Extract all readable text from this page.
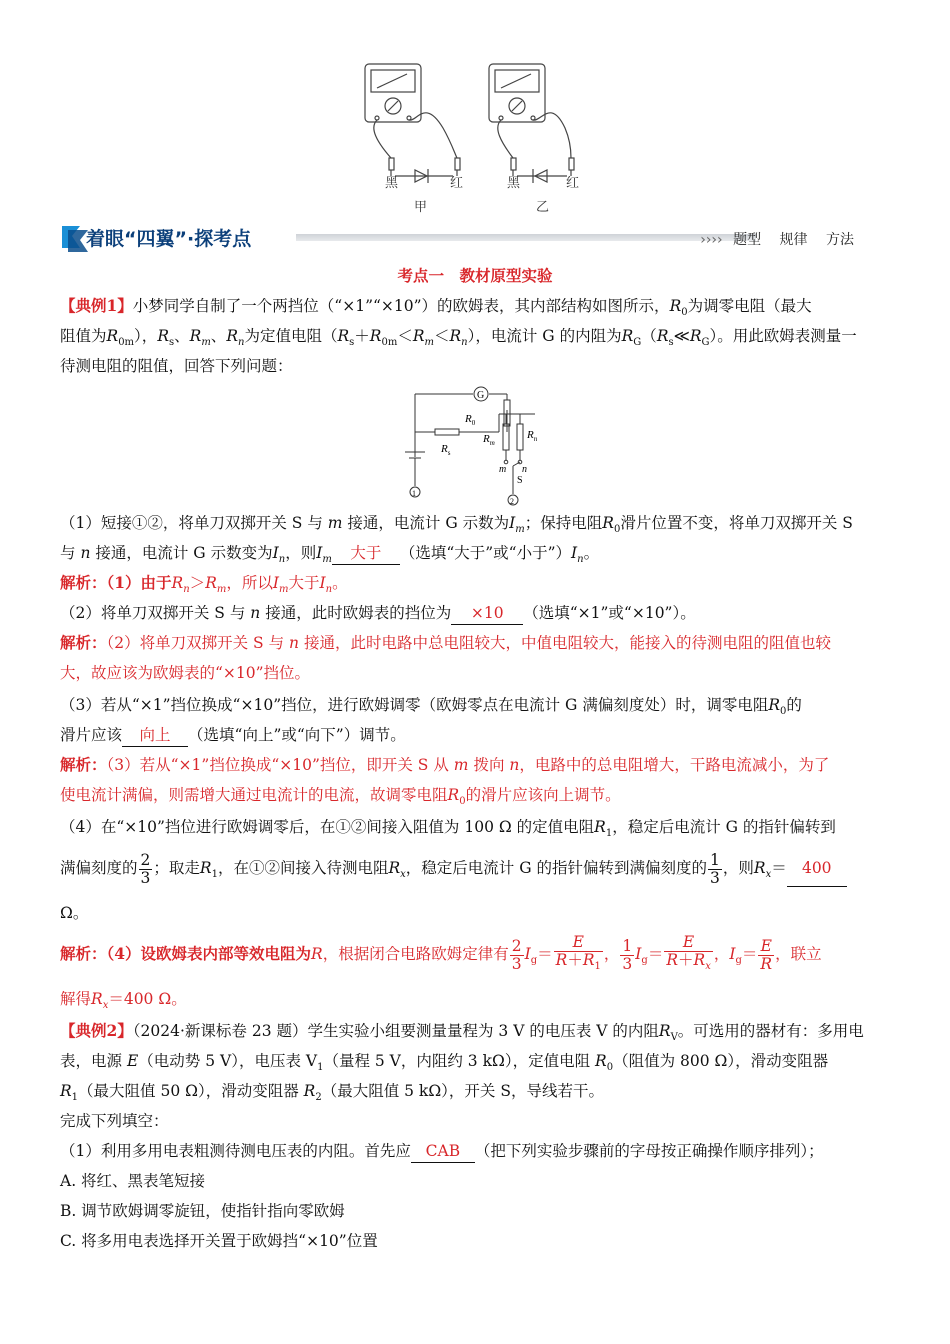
黑	红	黑	红
甲	乙
着眼“四翼”·探考点	›››› 题型 规律 方法
考点一　教材原型实验
【典例1】小梦同学自制了一个两挡位（“×1”“×10”）的欧姆表，其内部结构如图所示，$R_0$为调零电阻（最大
阻值为$R_{0m}$），$R_s$、$R_m$、$R_n$为定值电阻$(R_s+R_{0m}<R_m<R_n)$，电流计 G 的内阻为$R_G(R_s≪R_G)$。用此欧姆表测量一
待测电阻的阻值，回答下列问题：
G
$R_0$
$R_s$
$R_m$
$R_n$
m n
S
1
2
（1）短接①②，将单刀双掷开关 S 与 m 接通，电流计 G 示数为$I_m$；保持电阻$R_0$滑片位置不变，将单刀双掷开关 S
与 n 接通，电流计 G 示数变为$I_n$，则$I_m$ 大于 （选填“大于”或“小于$”)I_n$。
解析：（1）由于$R_n>R_m$，所以$I_m$大于$I_n$。
（2）将单刀双掷开关 S 与 n 接通，此时欧姆表的挡位为 ×10 （选填“×1”或“×10”）。
解析：（2）将单刀双掷开关 S 与 n 接通，此时电路中总电阻较大，中值电阻较大，能接入的待测电阻的阻值也较
大，故应该为欧姆表的“×10”挡位。
（3）若从“×1”挡位换成“×10”挡位，进行欧姆调零（欧姆零点在电流计 G 满偏刻度处）时，调零电阻$R_0$的
滑片应该 向上 （选填“向上”或“向下”）调节。
解析：（3）若从“×1”挡位换成“×10”挡位，即开关 S 从 m 拨向 n，电路中的总电阻增大，干路电流减小，为了
使电流计满偏，则需增大通过电流计的电流，故调零电阻$R_0$的滑片应该向上调节。
（4）在“×10”挡位进行欧姆调零后，在①②间接入阻值为 100 Ω 的定值电阻$R_1$，稳定后电流计 G 的指针偏转到
满偏刻度的 $\frac{2}{3}$ ；取走$R_1$，在①②间接入待测电阻$R_x$，稳定后电流计 G 的指针偏转到满偏刻度的 $\frac{1}{3}$ ，则$R_x= 400$
Ω。
解析：（4）设欧姆表内部等效电阻为R，根据闭合电路欧姆定律有 $\frac{2}{3} I_g= \frac{E}{R+R_1}$ ， $\frac{1}{3} I_g= \frac{E}{R+R_x}$ ，$I_g= \frac{E}{R}$ ，联立
解得$R_x=400$ Ω。
【典例2】（2024·新课标卷 23 题）学生实验小组要测量量程为 3 V 的电压表 V 的内阻$R_V$。可选用的器材有：多用电
表，电源 E（电动势 5 V），电压表 $V_1$（量程 5 V，内阻约 3 kΩ），定值电阻 $R_0$（阻值为 800 Ω），滑动变阻器
$R_1$（最大阻值 50 Ω），滑动变阻器 $R_2$（最大阻值 5 kΩ），开关 S，导线若干。
完成下列填空：
（1）利用多用电表粗测待测电压表的内阻。首先应 CAB （把下列实验步骤前的字母按正确操作顺序排列）；
A. 将红、黑表笔短接
B. 调节欧姆调零旋钮，使指针指向零欧姆
C. 将多用电表选择开关置于欧姆挡“×10”位置
